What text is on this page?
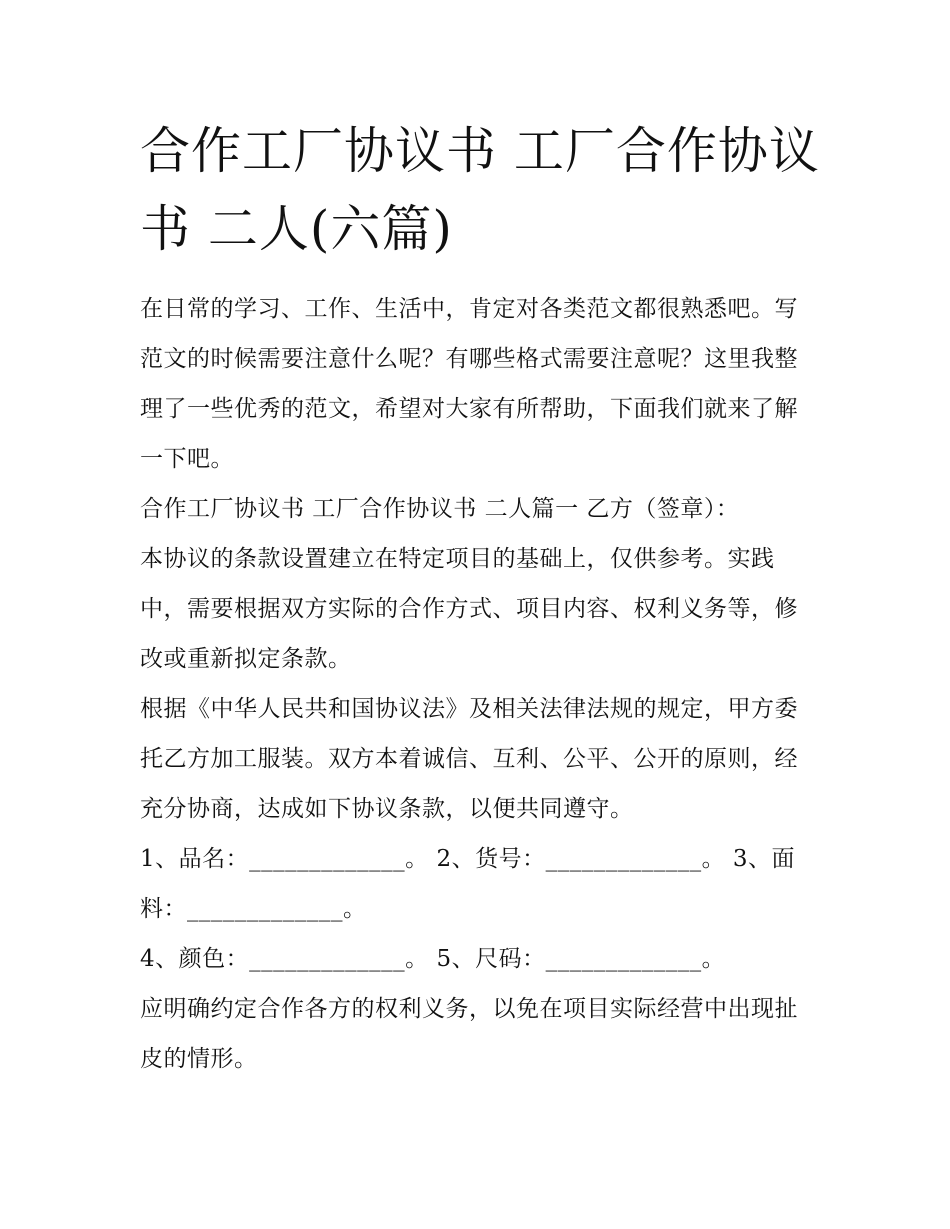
合作工厂协议书 工厂合作协议书 二人(六篇)

在日常的学习、工作、生活中，肯定对各类范文都很熟悉吧。写范文的时候需要注意什么呢？有哪些格式需要注意呢？这里我整理了一些优秀的范文，希望对大家有所帮助，下面我们就来了解一下吧。

合作工厂协议书 工厂合作协议书 二人篇一 乙方（签章）：

本协议的条款设置建立在特定项目的基础上，仅供参考。实践中，需要根据双方实际的合作方式、项目内容、权利义务等，修改或重新拟定条款。

根据《中华人民共和国协议法》及相关法律法规的规定，甲方委托乙方加工服装。双方本着诚信、互利、公平、公开的原则，经充分协商，达成如下协议条款，以便共同遵守。

1、品名：_____________。 2、货号：_____________。 3、面料：_____________。

4、颜色：_____________。 5、尺码：_____________。

应明确约定合作各方的权利义务，以免在项目实际经营中出现扯皮的情形。
